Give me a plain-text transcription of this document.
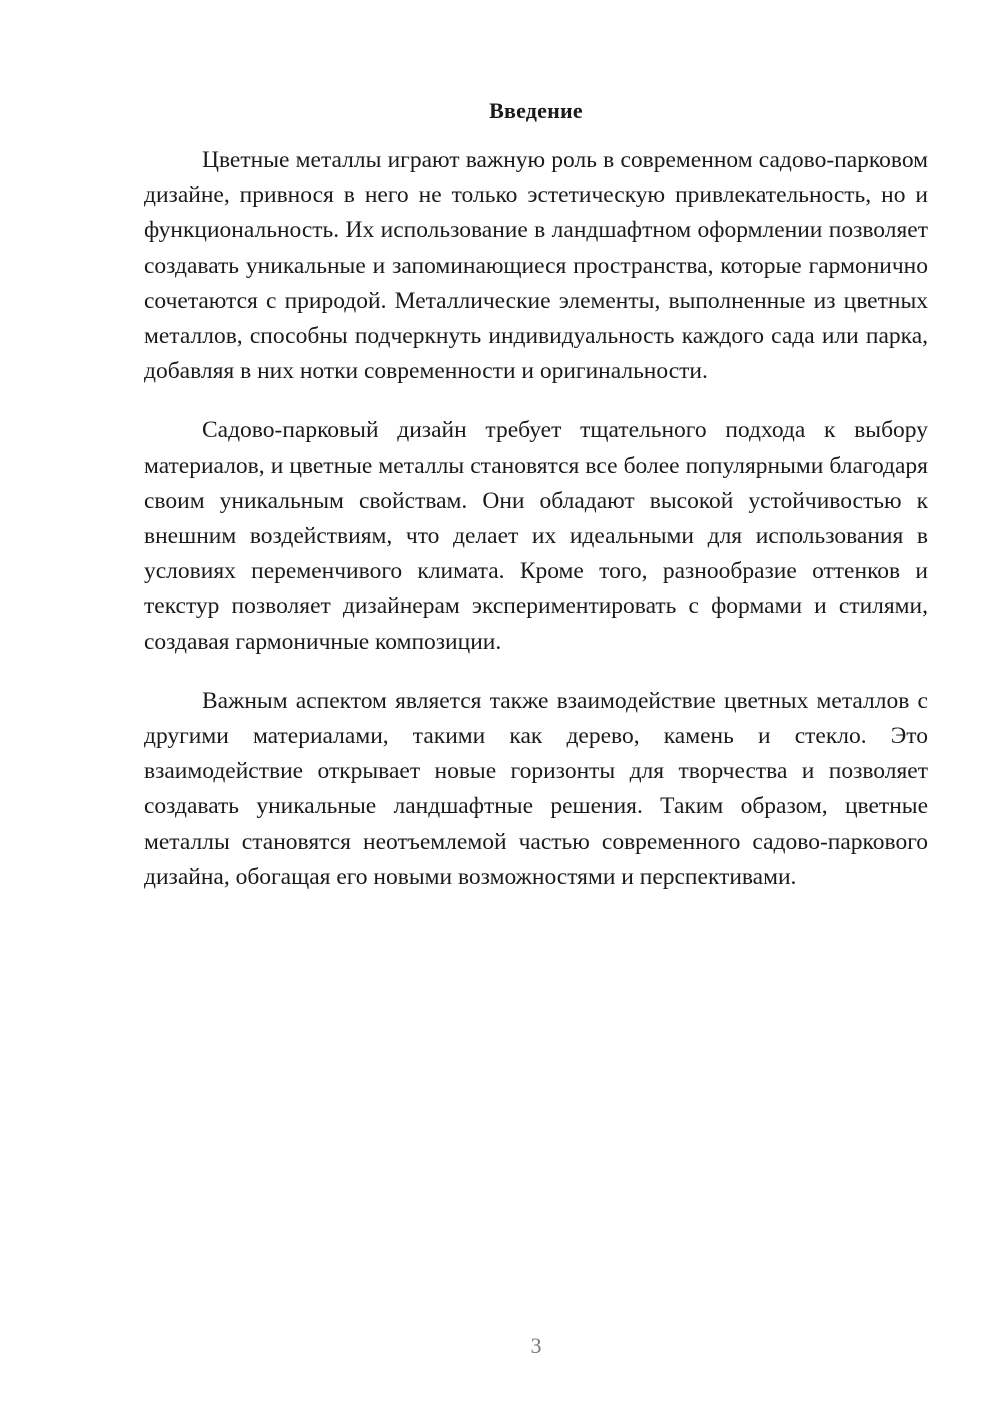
Введение

Цветные металлы играют важную роль в современном садово-парковом дизайне, привнося в него не только эстетическую привлекательность, но и функциональность. Их использование в ландшафтном оформлении позволяет создавать уникальные и запоминающиеся пространства, которые гармонично сочетаются с природой. Металлические элементы, выполненные из цветных металлов, способны подчеркнуть индивидуальность каждого сада или парка, добавляя в них нотки современности и оригинальности.

Садово-парковый дизайн требует тщательного подхода к выбору материалов, и цветные металлы становятся все более популярными благодаря своим уникальным свойствам. Они обладают высокой устойчивостью к внешним воздействиям, что делает их идеальными для использования в условиях переменчивого климата. Кроме того, разнообразие оттенков и текстур позволяет дизайнерам экспериментировать с формами и стилями, создавая гармоничные композиции.

Важным аспектом является также взаимодействие цветных металлов с другими материалами, такими как дерево, камень и стекло. Это взаимодействие открывает новые горизонты для творчества и позволяет создавать уникальные ландшафтные решения. Таким образом, цветные металлы становятся неотъемлемой частью современного садово-паркового дизайна, обогащая его новыми возможностями и перспективами.

3
